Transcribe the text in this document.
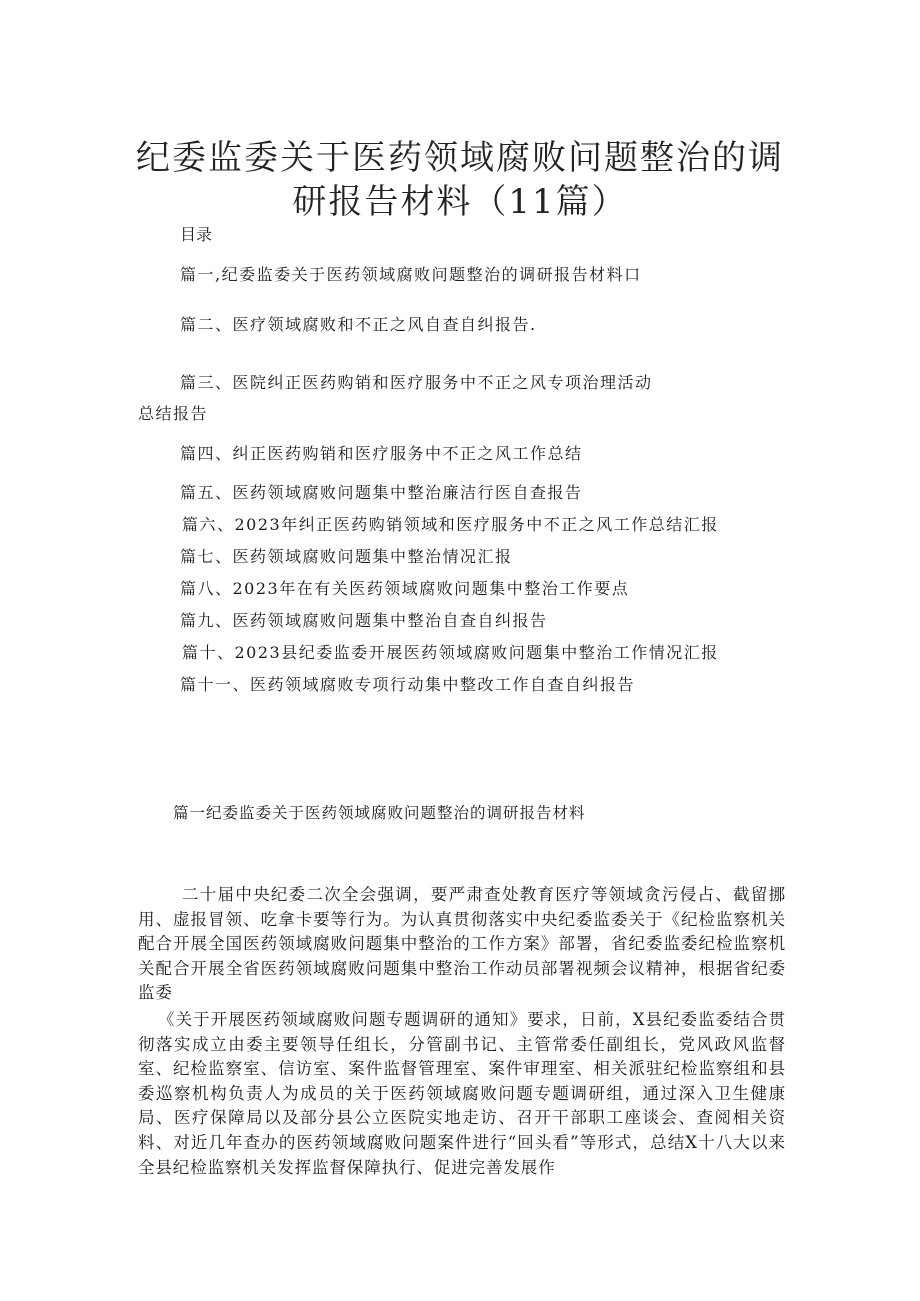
纪委监委关于医药领域腐败问题整治的调
研报告材料（11篇）
目录
篇一,纪委监委关于医药领域腐败问题整治的调研报告材料口
篇二、医疗领域腐败和不正之风自查自纠报告.
篇三、医院纠正医药购销和医疗服务中不正之风专项治理活动
总结报告
篇四、纠正医药购销和医疗服务中不正之风工作总结
篇五、医药领域腐败问题集中整治廉洁行医自查报告
篇六、2023年纠正医药购销领域和医疗服务中不正之风工作总结汇报
篇七、医药领域腐败问题集中整治情况汇报
篇八、2023年在有关医药领域腐败问题集中整治工作要点
篇九、医药领域腐败问题集中整治自查自纠报告
篇十、2023县纪委监委开展医药领域腐败问题集中整治工作情况汇报
篇十一、医药领域腐败专项行动集中整改工作自查自纠报告
篇一纪委监委关于医药领域腐败问题整治的调研报告材料

二十届中央纪委二次全会强调，要严肃查处教育医疗等领域贪污侵占、截留挪用、虚报冒领、吃拿卡要等行为。为认真贯彻落实中央纪委监委关于《纪检监察机关配合开展全国医药领域腐败问题集中整治的工作方案》部署，省纪委监委纪检监察机关配合开展全省医药领域腐败问题集中整治工作动员部署视频会议精神，根据省纪委监委

《关于开展医药领域腐败问题专题调研的通知》要求，日前，X县纪委监委结合贯彻落实成立由委主要领导任组长，分管副书记、主管常委任副组长，党风政风监督室、纪检监察室、信访室、案件监督管理室、案件审理室、相关派驻纪检监察组和县委巡察机构负责人为成员的关于医药领域腐败问题专题调研组，通过深入卫生健康局、医疗保障局以及部分县公立医院实地走访、召开干部职工座谈会、查阅相关资料、对近几年查办的医药领域腐败问题案件进行“回头看”等形式，总结X十八大以来全县纪检监察机关发挥监督保障执行、促进完善发展作
